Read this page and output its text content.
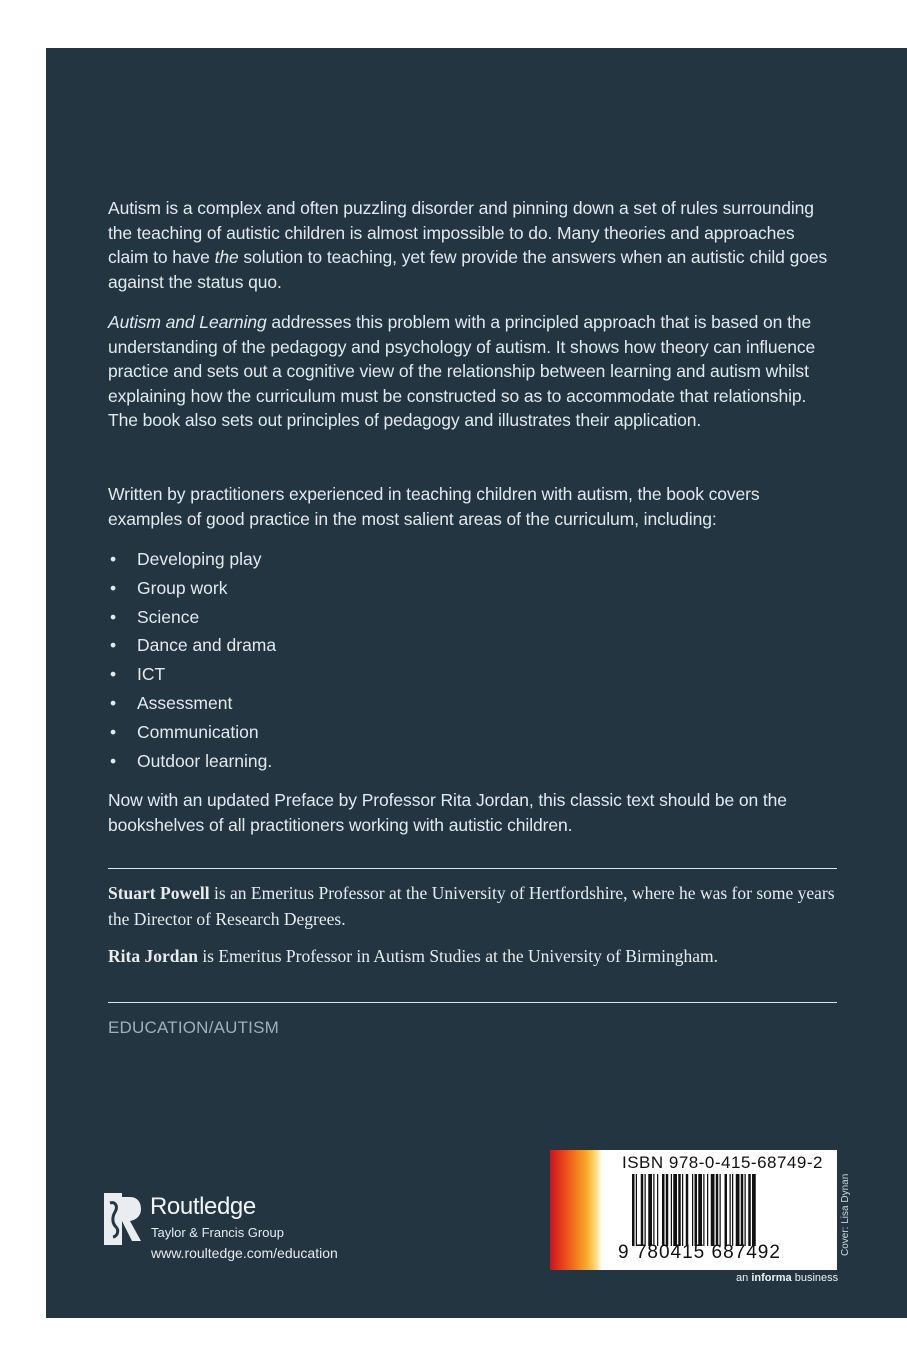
Autism is a complex and often puzzling disorder and pinning down a set of rules surrounding the teaching of autistic children is almost impossible to do. Many theories and approaches claim to have the solution to teaching, yet few provide the answers when an autistic child goes against the status quo.

Autism and Learning addresses this problem with a principled approach that is based on the understanding of the pedagogy and psychology of autism. It shows how theory can influence practice and sets out a cognitive view of the relationship between learning and autism whilst explaining how the curriculum must be constructed so as to accommodate that relationship. The book also sets out principles of pedagogy and illustrates their application.

Written by practitioners experienced in teaching children with autism, the book covers examples of good practice in the most salient areas of the curriculum, including:

• Developing play
• Group work
• Science
• Dance and drama
• ICT
• Assessment
• Communication
• Outdoor learning.

Now with an updated Preface by Professor Rita Jordan, this classic text should be on the bookshelves of all practitioners working with autistic children.

Stuart Powell is an Emeritus Professor at the University of Hertfordshire, where he was for some years the Director of Research Degrees.

Rita Jordan is Emeritus Professor in Autism Studies at the University of Birmingham.

EDUCATION/AUTISM
Routledge
Taylor & Francis Group
www.roultedge.com/education
ISBN 978-0-415-68749-2
9 780415 687492
an informa business
Cover: Lisa Dynan
